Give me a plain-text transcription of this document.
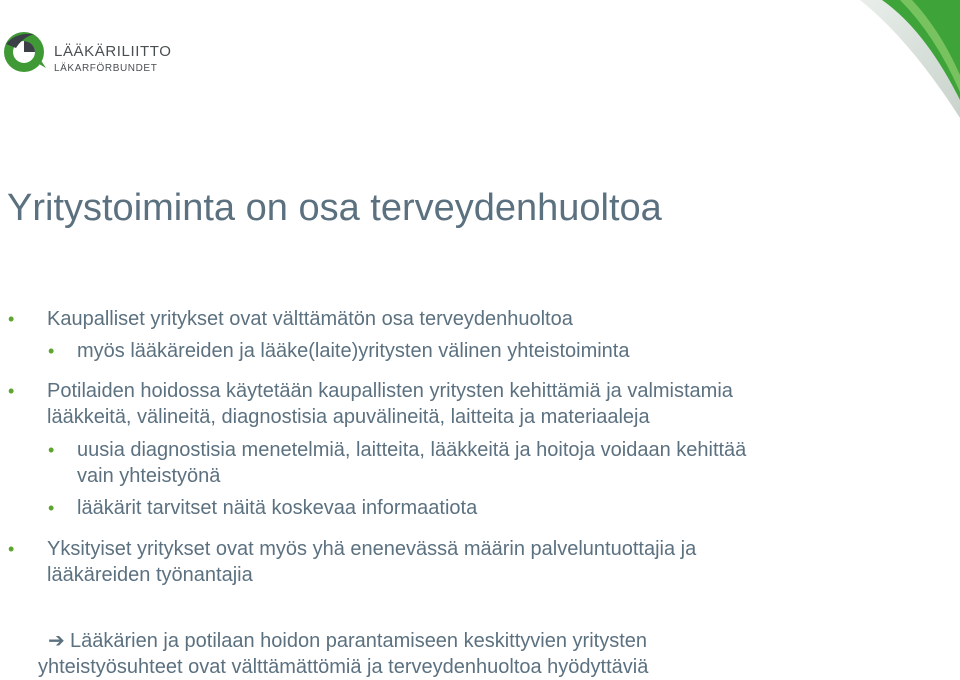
LÄÄKÄRILIITTO
LÄKARFÖRBUNDET
Yritystoiminta on osa terveydenhuoltoa
• Kaupalliset yritykset ovat välttämätön osa terveydenhuoltoa

• myös lääkäreiden ja lääke(laite)yritysten välinen yhteistoiminta

• Potilaiden hoidossa käytetään kaupallisten yritysten kehittämiä ja valmistamia

lääkkeitä, välineitä, diagnostisia apuvälineitä, laitteita ja materiaaleja

• uusia diagnostisia menetelmiä, laitteita, lääkkeitä ja hoitoja voidaan kehittää

vain yhteistyönä

• lääkärit tarvitset näitä koskevaa informaatiota

• Yksityiset yritykset ovat myös yhä enenevässä määrin palveluntuottajia ja

lääkäreiden työnantajia

➔ Lääkärien ja potilaan hoidon parantamiseen keskittyvien yritysten

yhteistyösuhteet ovat välttämättömiä ja terveydenhuoltoa hyödyttäviä
